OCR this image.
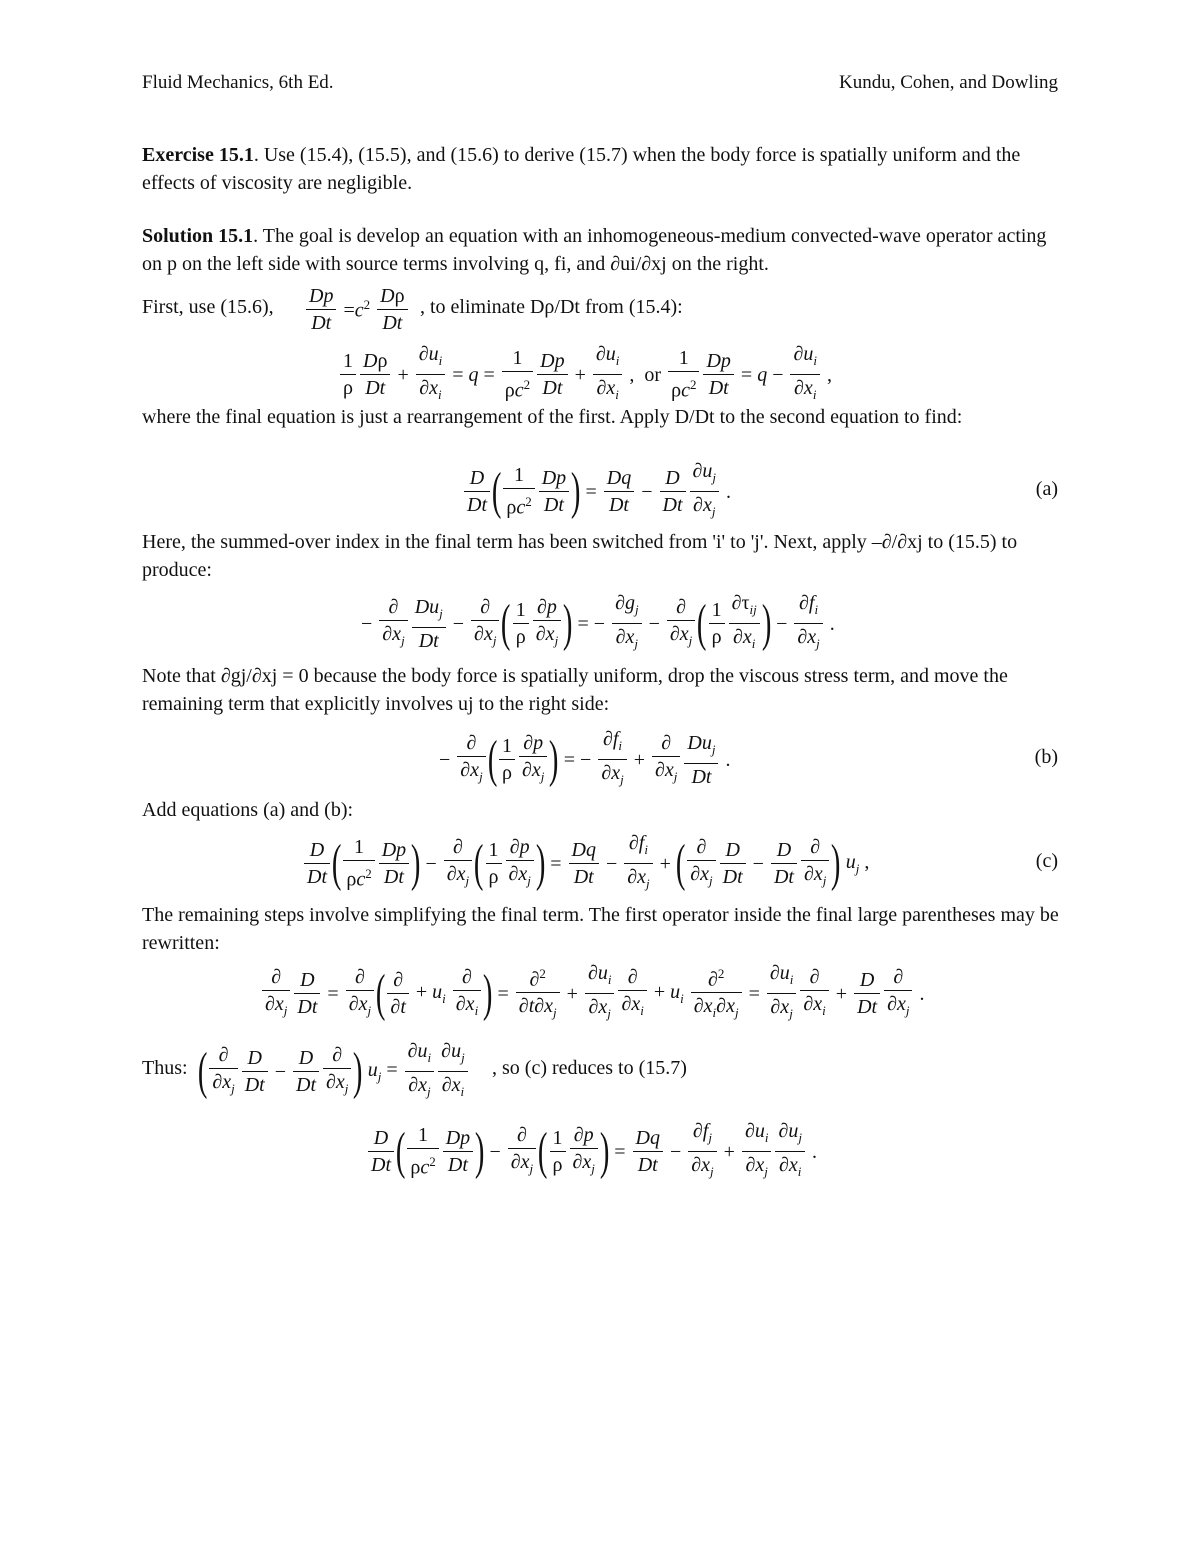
Fluid Mechanics, 6th Ed.	Kundu, Cohen, and Dowling
Exercise 15.1. Use (15.4), (15.5), and (15.6) to derive (15.7) when the body force is spatially uniform and the effects of viscosity are negligible.
Solution 15.1. The goal is develop an equation with an inhomogeneous-medium convected-wave operator acting on p on the left side with source terms involving q, fi, and ∂ui/∂xj on the right.
First, use (15.6), $\frac{Dp}{Dt} =c^2 \frac{D\rho}{Dt}$ , to eliminate Dρ/Dt from (15.4):
$\frac{1}{\rho} \frac{D\rho}{Dt} + \frac{\partial u_i}{\partial x_i} = q = \frac{1}{\rho c^2} \frac{Dp}{Dt} + \frac{\partial u_i}{\partial x_i}$ ,  or $\frac{1}{\rho c^2} \frac{Dp}{Dt} = q - \frac{\partial u_i}{\partial x_i}$ ,
where the final equation is just a rearrangement of the first. Apply D/Dt to the second equation to find:
$\frac{D}{Dt}$ ( $\frac{1}{\rho c^2} \frac{Dp}{Dt}$ ) = $\frac{Dq}{Dt} - \frac{D}{Dt} \frac{\partial u_j}{\partial x_j}$ .	(a)
Here, the summed-over index in the final term has been switched from 'i' to 'j'. Next, apply –∂/∂xj to (15.5) to produce:
− $\frac{\partial}{\partial x_j} \frac{Du_j}{Dt} - \frac{\partial}{\partial x_j}$ ( $\frac{1}{\rho} \frac{\partial p}{\partial x_j}$ ) = − $\frac{\partial g_j}{\partial x_j} - \frac{\partial}{\partial x_j}$ ( $\frac{1}{\rho} \frac{\partial\tau_{ij}}{\partial x_i}$ ) − $\frac{\partial f_i}{\partial x_j}$ .
Note that ∂gj/∂xj = 0 because the body force is spatially uniform, drop the viscous stress term, and move the remaining term that explicitly involves uj to the right side:
− $\frac{\partial}{\partial x_j}$ ( $\frac{1}{\rho} \frac{\partial p}{\partial x_j}$ ) = − $\frac{\partial f_i}{\partial x_j} + \frac{\partial}{\partial x_j} \frac{Du_j}{Dt}$ .	(b)
Add equations (a) and (b):
$\frac{D}{Dt}$ ( $\frac{1}{\rho c^2} \frac{Dp}{Dt}$ ) − $\frac{\partial}{\partial x_j}$ ( $\frac{1}{\rho} \frac{\partial p}{\partial x_j}$ ) = $\frac{Dq}{Dt} - \frac{\partial f_i}{\partial x_j}$ +( $\frac{\partial}{\partial x_j} \frac{D}{Dt} - \frac{D}{Dt} \frac{\partial}{\partial x_j}$ ) $u_j$ ,	(c)
The remaining steps involve simplifying the final term. The first operator inside the final large parentheses may be rewritten:
$\frac{\partial}{\partial x_j} \frac{D}{Dt} = \frac{\partial}{\partial x_j}$ ( $\frac{\partial}{\partial t} + u_i \frac{\partial}{\partial x_i}$ ) = $\frac{\partial^2}{\partial t\partial x_j} + \frac{\partial u_i}{\partial x_j} \frac{\partial}{\partial x_i} + u_i \frac{\partial^2}{\partial x_i\partial x_j} = \frac{\partial u_i}{\partial x_j} \frac{\partial}{\partial x_i} + \frac{D}{Dt} \frac{\partial}{\partial x_j}$ .
Thus: ( $\frac{\partial}{\partial x_j} \frac{D}{Dt} - \frac{D}{Dt} \frac{\partial}{\partial x_j}$ ) $u_j = \frac{\partial u_i}{\partial x_j} \frac{\partial u_j}{\partial x_i}$ , so (c) reduces to (15.7)
$\frac{D}{Dt}$ ( $\frac{1}{\rho c^2} \frac{Dp}{Dt}$ ) − $\frac{\partial}{\partial x_j}$ ( $\frac{1}{\rho} \frac{\partial p}{\partial x_j}$ ) = $\frac{Dq}{Dt} - \frac{\partial f_j}{\partial x_j} + \frac{\partial u_i}{\partial x_j} \frac{\partial u_j}{\partial x_i}$ .
